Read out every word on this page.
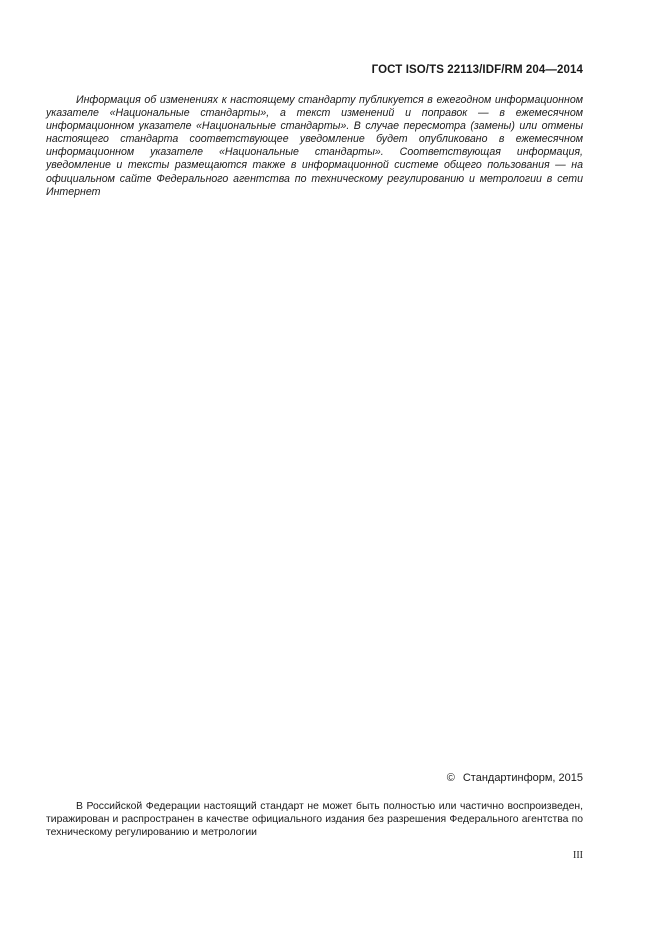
ГОСТ ISO/TS 22113/IDF/RM 204—2014

Информация об изменениях к настоящему стандарту публикуется в ежегодном информационном указателе «Национальные стандарты», а текст изменений и поправок — в ежемесячном информационном указателе «Национальные стандарты». В случае пересмотра (замены) или отмены настоящего стандарта соответствующее уведомление будет опубликовано в ежемесячном информационном указателе «Национальные стандарты». Соответствующая информация, уведомление и тексты размещаются также в информационной системе общего пользования — на официальном сайте Федерального агентства по техническому регулированию и метрологии в сети Интернет

© Стандартинформ, 2015

В Российской Федерации настоящий стандарт не может быть полностью или частично воспроизведен, тиражирован и распространен в качестве официального издания без разрешения Федерального агентства по техническому регулированию и метрологии

III
